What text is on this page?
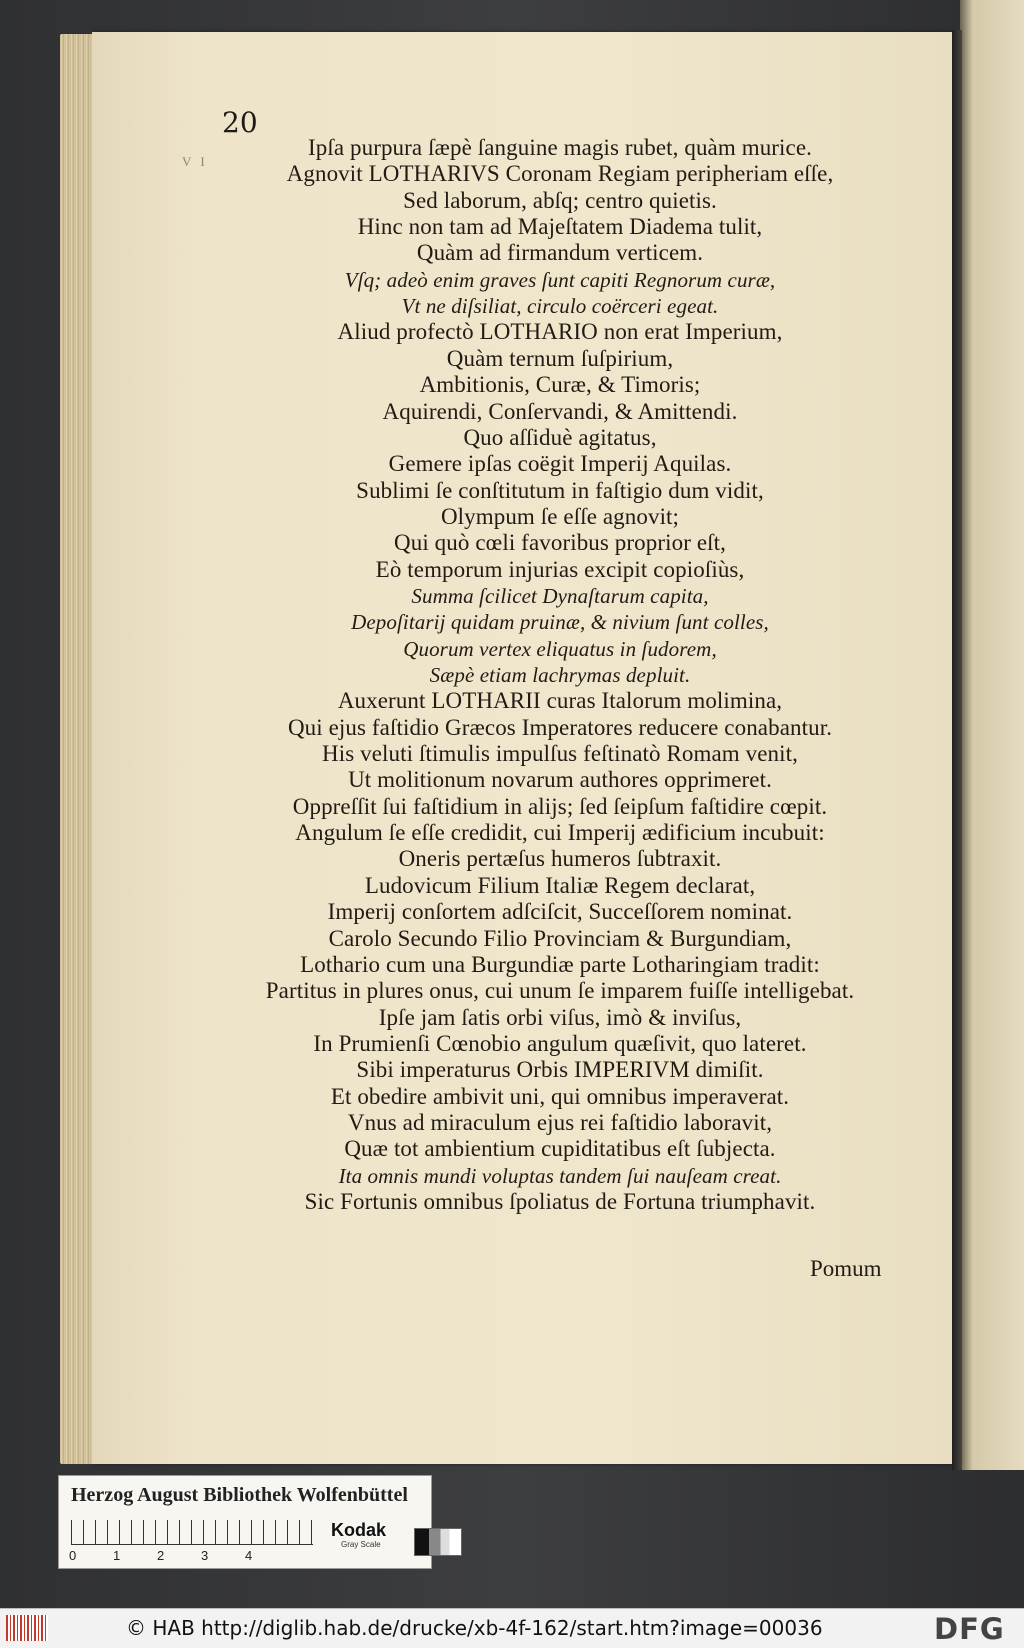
20
V I
Ipſa purpura ſæpè ſanguine magis rubet, quàm murice.
Agnovit LOTHARIVS Coronam Regiam peripheriam eſſe,
Sed laborum, abſq; centro quietis.
Hinc non tam ad Majeſtatem Diadema tulit,
Quàm ad firmandum verticem.
Vſq; adeò enim graves ſunt capiti Regnorum curæ,
Vt ne diſsiliat, circulo coërceri egeat.
Aliud profectò LOTHARIO non erat Imperium,
Quàm ternum ſuſpirium,
Ambitionis, Curæ, & Timoris;
Aquirendi, Conſervandi, & Amittendi.
Quo aſſiduè agitatus,
Gemere ipſas coëgit Imperij Aquilas.
Sublimi ſe conſtitutum in faſtigio dum vidit,
Olympum ſe eſſe agnovit;
Qui quò cœli favoribus proprior eſt,
Eò temporum injurias excipit copioſiùs,
Summa ſcilicet Dynaſtarum capita,
Depoſitarij quidam pruinæ, & nivium ſunt colles,
Quorum vertex eliquatus in ſudorem,
Sæpè etiam lachrymas depluit.
Auxerunt LOTHARII curas Italorum molimina,
Qui ejus faſtidio Græcos Imperatores reducere conabantur.
His veluti ſtimulis impulſus feſtinatò Romam venit,
Ut molitionum novarum authores opprimeret.
Oppreſſit ſui faſtidium in alijs; ſed ſeipſum faſtidire cœpit.
Angulum ſe eſſe credidit, cui Imperij ædificium incubuit:
Oneris pertæſus humeros ſubtraxit.
Ludovicum Filium Italiæ Regem declarat,
Imperij conſortem adſciſcit, Succeſſorem nominat.
Carolo Secundo Filio Provinciam & Burgundiam,
Lothario cum una Burgundiæ parte Lotharingiam tradit:
Partitus in plures onus, cui unum ſe imparem fuiſſe intelligebat.
Ipſe jam ſatis orbi viſus, imò & inviſus,
In Prumienſi Cœnobio angulum quæſivit, quo lateret.
Sibi imperaturus Orbis IMPERIVM dimiſit.
Et obedire ambivit uni, qui omnibus imperaverat.
Vnus ad miraculum ejus rei faſtidio laboravit,
Quæ tot ambientium cupiditatibus eſt ſubjecta.
Ita omnis mundi voluptas tandem ſui nauſeam creat.
Sic Fortunis omnibus ſpoliatus de Fortuna triumphavit.
Pomum
Herzog August Bibliothek Wolfenbüttel
0	1	2	3	4
Kodak
Gray Scale
© HAB http://diglib.hab.de/drucke/xb-4f-162/start.htm?image=00036	DFG
